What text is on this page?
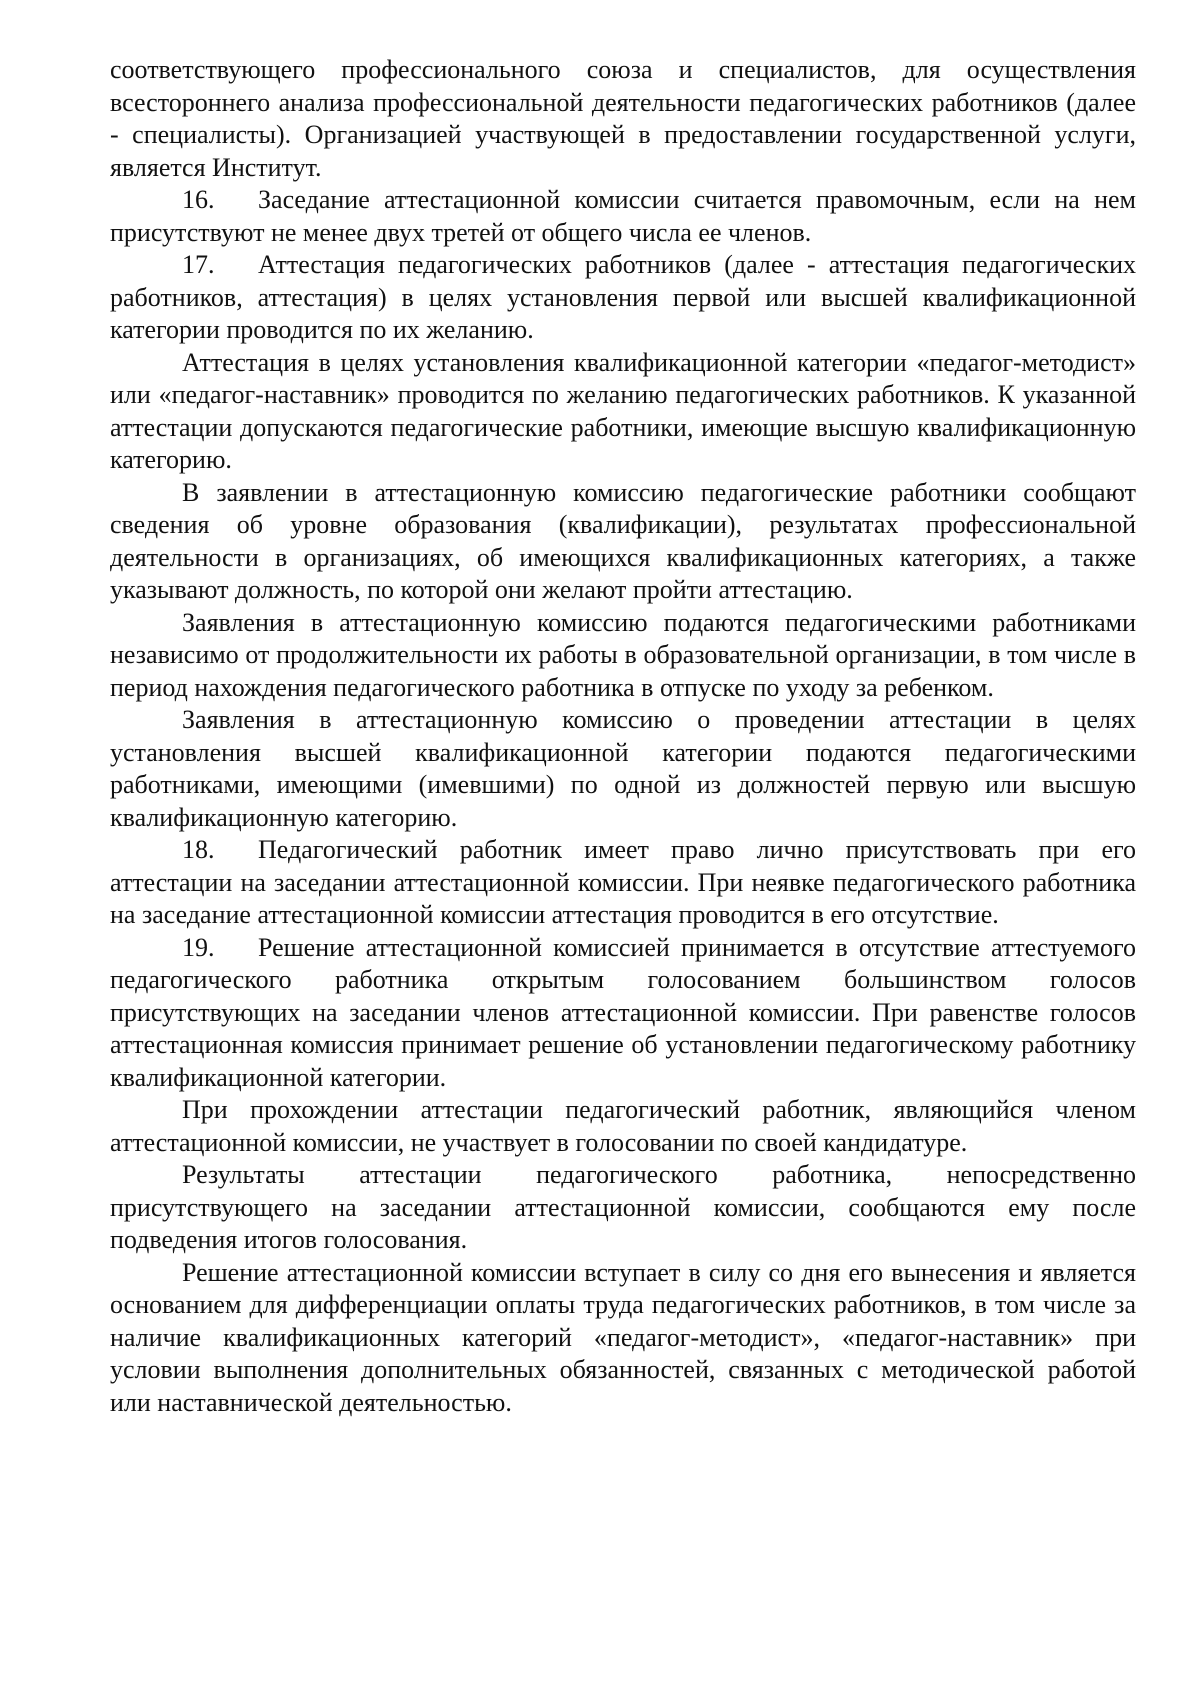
соответствующего профессионального союза и специалистов, для осуществления всестороннего анализа профессиональной деятельности педагогических работников (далее - специалисты). Организацией участвующей в предоставлении государственной услуги, является Институт.

16. Заседание аттестационной комиссии считается правомочным, если на нем присутствуют не менее двух третей от общего числа ее членов.

17. Аттестация педагогических работников (далее - аттестация педагогических работников, аттестация) в целях установления первой или высшей квалификационной категории проводится по их желанию.

Аттестация в целях установления квалификационной категории «педагог-методист» или «педагог-наставник» проводится по желанию педагогических работников. К указанной аттестации допускаются педагогические работники, имеющие высшую квалификационную категорию.

В заявлении в аттестационную комиссию педагогические работники сообщают сведения об уровне образования (квалификации), результатах профессиональной деятельности в организациях, об имеющихся квалификационных категориях, а также указывают должность, по которой они желают пройти аттестацию.

Заявления в аттестационную комиссию подаются педагогическими работниками независимо от продолжительности их работы в образовательной организации, в том числе в период нахождения педагогического работника в отпуске по уходу за ребенком.

Заявления в аттестационную комиссию о проведении аттестации в целях установления высшей квалификационной категории подаются педагогическими работниками, имеющими (имевшими) по одной из должностей первую или высшую квалификационную категорию.

18. Педагогический работник имеет право лично присутствовать при его аттестации на заседании аттестационной комиссии. При неявке педагогического работника на заседание аттестационной комиссии аттестация проводится в его отсутствие.

19. Решение аттестационной комиссией принимается в отсутствие аттестуемого педагогического работника открытым голосованием большинством голосов присутствующих на заседании членов аттестационной комиссии. При равенстве голосов аттестационная комиссия принимает решение об установлении педагогическому работнику квалификационной категории.

При прохождении аттестации педагогический работник, являющийся членом аттестационной комиссии, не участвует в голосовании по своей кандидатуре.

Результаты аттестации педагогического работника, непосредственно присутствующего на заседании аттестационной комиссии, сообщаются ему после подведения итогов голосования.

Решение аттестационной комиссии вступает в силу со дня его вынесения и является основанием для дифференциации оплаты труда педагогических работников, в том числе за наличие квалификационных категорий «педагог-методист», «педагог-наставник» при условии выполнения дополнительных обязанностей, связанных с методической работой или наставнической деятельностью.
